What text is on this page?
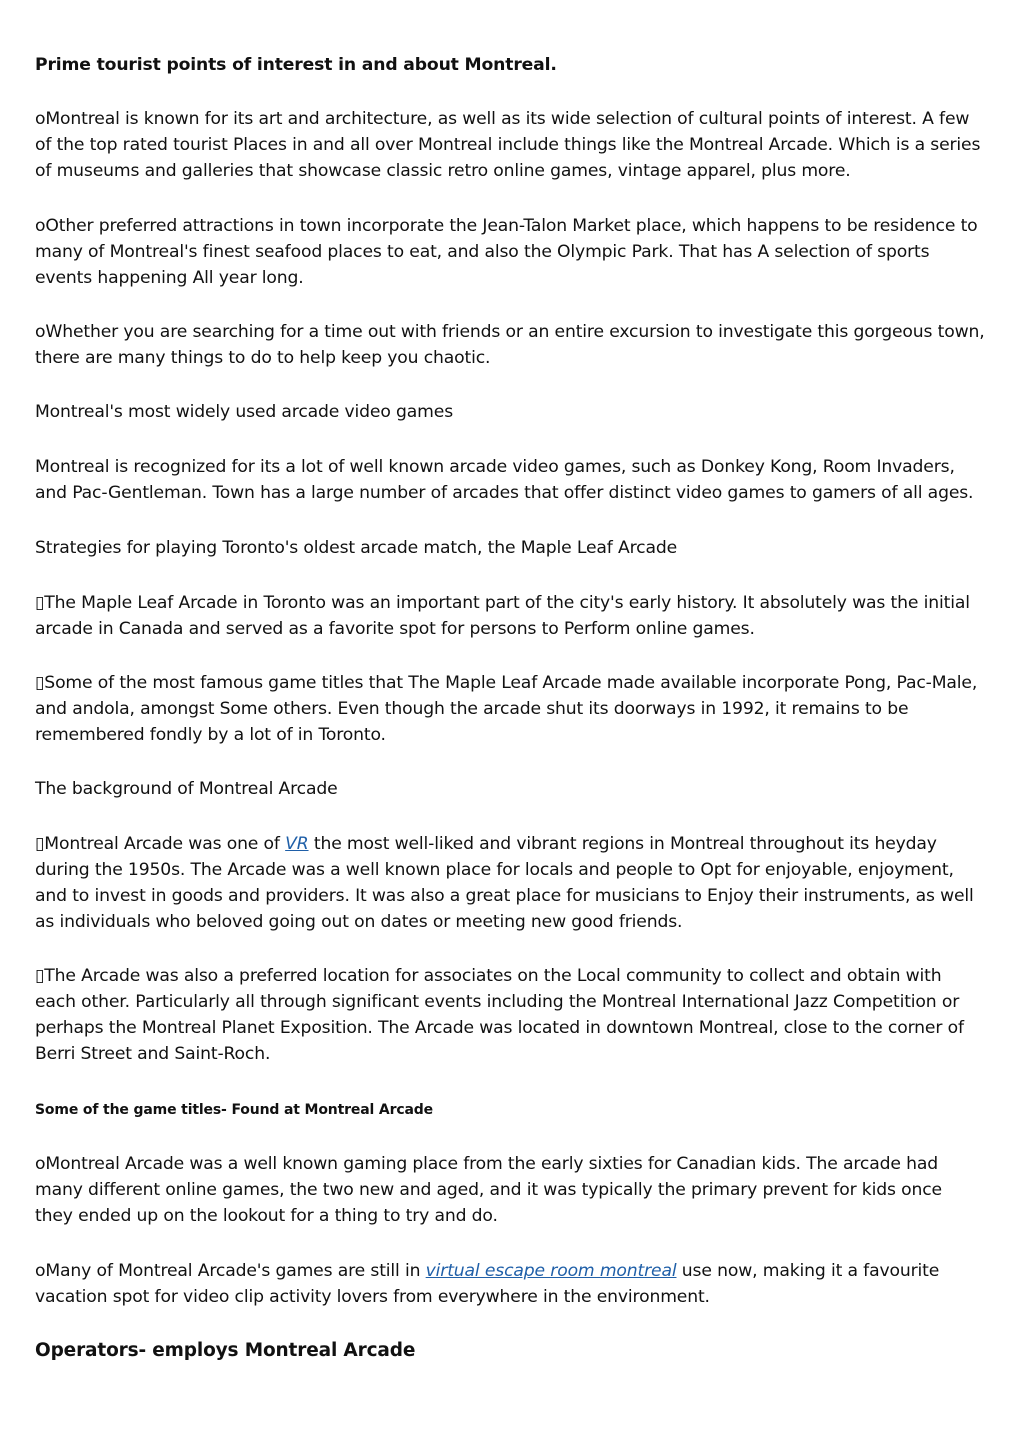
Prime tourist points of interest in and about Montreal.

oMontreal is known for its art and architecture, as well as its wide selection of cultural points of interest. A few of the top rated tourist Places in and all over Montreal include things like the Montreal Arcade. Which is a series of museums and galleries that showcase classic retro online games, vintage apparel, plus more.

oOther preferred attractions in town incorporate the Jean-Talon Market place, which happens to be residence to many of Montreal's finest seafood places to eat, and also the Olympic Park. That has A selection of sports events happening All year long.

oWhether you are searching for a time out with friends or an entire excursion to investigate this gorgeous town, there are many things to do to help keep you chaotic.

Montreal's most widely used arcade video games

Montreal is recognized for its a lot of well known arcade video games, such as Donkey Kong, Room Invaders, and Pac-Gentleman. Town has a large number of arcades that offer distinct video games to gamers of all ages.

Strategies for playing Toronto's oldest arcade match, the Maple Leaf Arcade

▯The Maple Leaf Arcade in Toronto was an important part of the city's early history. It absolutely was the initial arcade in Canada and served as a favorite spot for persons to Perform online games.

▯Some of the most famous game titles that The Maple Leaf Arcade made available incorporate Pong, Pac-Male, and andola, amongst Some others. Even though the arcade shut its doorways in 1992, it remains to be remembered fondly by a lot of in Toronto.

The background of Montreal Arcade

▯Montreal Arcade was one of VR the most well-liked and vibrant regions in Montreal throughout its heyday during the 1950s. The Arcade was a well known place for locals and people to Opt for enjoyable, enjoyment, and to invest in goods and providers. It was also a great place for musicians to Enjoy their instruments, as well as individuals who beloved going out on dates or meeting new good friends.

▯The Arcade was also a preferred location for associates on the Local community to collect and obtain with each other. Particularly all through significant events including the Montreal International Jazz Competition or perhaps the Montreal Planet Exposition. The Arcade was located in downtown Montreal, close to the corner of Berri Street and Saint-Roch.

Some of the game titles- Found at Montreal Arcade

oMontreal Arcade was a well known gaming place from the early sixties for Canadian kids. The arcade had many different online games, the two new and aged, and it was typically the primary prevent for kids once they ended up on the lookout for a thing to try and do.

oMany of Montreal Arcade's games are still in virtual escape room montreal use now, making it a favourite vacation spot for video clip activity lovers from everywhere in the environment.

Operators- employs Montreal Arcade
